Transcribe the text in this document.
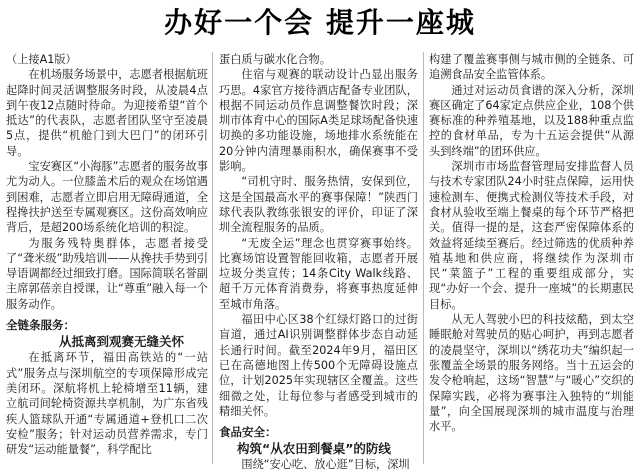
办好一个会 提升一座城

（上接A1版）

在机场服务场景中，志愿者根据航班起降时间灵活调整服务时段，从凌晨4点到午夜12点随时待命。为迎接希望“首个抵达”的代表队，志愿者团队坚守至凌晨5点，提供“机舱门到大巴门”的闭环引导。

宝安赛区“小海豚”志愿者的服务故事尤为动人。一位膝盖术后的观众在场馆遇到困难，志愿者立即启用无障碍通道，全程搀扶护送至专属观赛区。这份高效响应背后，是超200场系统化培训的积淀。

为服务残特奥群体，志愿者接受了“聋米级”助残培训——从搀扶手势到引导语调都经过细致打磨。国际简联名誉副主席郭蓓亲自授课，让“尊重”融入每一个服务动作。

全链条服务：

从抵离到观赛无缝关怀

在抵离环节，福田高铁站的“一站式”服务点与深圳航空的专项保障形成完美闭环。深航将机上轮椅增至11辆，建立航司间轮椅资源共享机制，为广东省残疾人篮球队开通“专属通道+登机口二次安检”服务；针对运动员营养需求，专门研发“运动能量餐”，科学配比

蛋白质与碳水化合物。

住宿与观赛的联动设计凸显出服务巧思。4家官方接待酒店配备专业团队，根据不同运动员作息调整餐饮时段；深圳市体育中心的国际A类足球场配备快速切换的多功能设施，场地排水系统能在20分钟内清理暴雨积水，确保赛事不受影响。

“司机守时、服务热情，安保到位，这是全国最高水平的赛事保障！”陕西门球代表队教练张银安的评价，印证了深圳全流程服务的品质。

“无废全运”理念也贯穿赛事始终。比赛场馆设置智能回收箱，志愿者开展垃圾分类宣传；14条City Walk线路、超千万元体育消费券，将赛事热度延伸至城市角落。

福田中心区38个红绿灯路口的过街盲道，通过AI识别调整群体步态自动延长通行时间。截至2024年9月，福田区已在高德地图上传500个无障碍设施点位，计划2025年实现辖区全覆盖。这些细微之处，让每位参与者感受到城市的精细关怀。

食品安全：

构筑“从农田到餐桌”的防线

围绕“安心吃、放心逛”目标，深圳

构建了覆盖赛事侧与城市侧的全链条、可追溯食品安全监管体系。

通过对运动员食谱的深入分析，深圳赛区确定了64家定点供应企业，108个供赛标准的种养殖基地，以及188种重点监控的食材单品，专为十五运会提供“从源头到终端”的团环供应。

深圳市市场监督管理局安排监督人员与技术专家团队24小时驻点保障，运用快速检测车、便携式检测仪等技术手段，对食材从验收至端上餐桌的每个环节严格把关。值得一提的是，这套严密保障体系的效益将延续至赛后。经过筛选的优质种养殖基地和供应商，将继续作为深圳市民“菜篮子”工程的重要组成部分，实现“办好一个会、提升一座城”的长期惠民目标。

从无人驾驶小巴的科技炫酷，到太空睡眠舱对驾驶员的贴心呵护，再到志愿者的凌晨坚守，深圳以“绣花功夫”编织起一张覆盖全场景的服务网络。当十五运会的发令枪响起，这场“智慧”与“暖心”交织的保障实践，必将为赛事注入独特的“圳能量”，向全国展现深圳的城市温度与治理水平。
